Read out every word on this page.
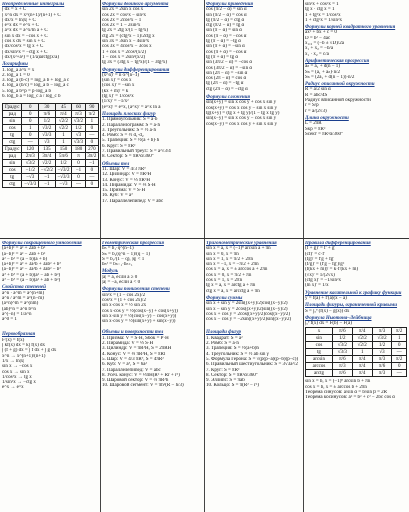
Неопределенные интегралы
∫ dx = x + C
∫ x^n dx = x^(n+1)/(n+1) + C
∫ dx/x = ln|x| + C
∫ e^x dx = e^x + C
∫ a^x dx = a^x/ln a + C
∫ sin x dx = −cos x + C
∫ cos x dx = sin x + C
∫ dx/cos²x = tg x + C
∫ dx/sin²x = −ctg x + C
∫ dx/(x²+a²) = (1/a)arctg(x/a)
Логарифмы
1. log_a a^x = x
2. log_a 1 = 0
3. log_a (b·c) = log_a b + log_a c
4. log_a (b/c) = log_a b − log_a c
5. log_a b^p = p·log_a b
6. log_b a = log_c a / log_c b
Градус	0	30	45	60	90
рад	0	π/6	π/4	π/3	π/2
sin	0	1/2	√2/2	√3/2	1
cos	1	√3/2	√2/2	1/2	0
tg	0	√3/3	1	√3	—
ctg	—	√3	1	√3/3	0
Градус	120	135	150	180	270
рад	2π/3	3π/4	5π/6	π	3π/2
sin	√3/2	√2/2	1/2	0	−1
cos	−1/2	−√2/2	−√3/2	−1	0
tg	−√3	−1	−√3/3	0	—
ctg	−√3/3	−1	−√3	—	0
Формулы двойного аргумента
sin 2x = 2sin x cos x
cos 2x = cos²x − sin²x
cos 2x = 2cos²x − 1
cos 2x = 1 − 2sin²x
tg 2x = 2tg x/(1 − tg²x)
ctg 2x = (ctg²x − 1)/2ctg x
sin 3x = 3sin x − 4sin³x
cos 3x = 4cos³x − 3cos x
1 + cos x = 2cos²(x/2)
1 − cos x = 2sin²(x/2)
tg 3x = (3tg x − tg³x)/(1 − 3tg²x)
Формулы дифференцирования
(x^n)' = n·x^(n−1)
(sin x)' = cos x
(cos x)' = −sin x
(kx + m)' = k
(tg x)' = 1/cos²x
(1/x)' = −1/x²
(e^x)' = e^x, (a^x)' = a^x ln a
Площадь плоских фигур
1. Прямоугольник: S = a·b
2. Параллелограмм: S = a·h
3. Треугольник: S = ½ a·h
4. Ромб: S = ½ d₁·d₂
5. Трапеция: S = ½(a + b)·h
6. Круг: S = πR²
7. Правильный треуг.: S = a²√3/4
8. Сектор: S = πR²α/360°
Объемы тел
11. Шар: V = 4/3 πR³
12. Цилиндр: V = πR²H
13. Конус: V = ⅓ πR²H
14. Пирамида: V = ⅓ S·H
15. Призма: V = S·H
16. Куб: V = a³
17. Параллелепипед: V = abc
Формулы приведения
cos (π/2 − α) = sin α
sin (π/2 − α) = cos α
tg (π/2 − α) = ctg α
ctg (π/2 − α) = tg α
sin (π − α) = sin α
cos (π − α) = −cos α
tg (π − α) = −tg α
sin (π + α) = −sin α
cos (π + α) = −cos α
tg (π + α) = tg α
sin (3π/2 − α) = −cos α
cos (3π/2 − α) = −sin α
sin (2π − α) = −sin α
cos (2π − α) = cos α
tg (2π − α) = −tg α
ctg (2π − α) = −ctg α
Формулы сложения
sin(x+y) = sin x cos y + cos x sin y
cos(x+y) = cos x cos y − sin x sin y
tg(x+y) = (tg x + tg y)/(1 − tg x tg y)
sin(x−y) = sin x cos y − cos x sin y
cos(x−y) = cos x cos y + sin x sin y
sin²x + cos²x = 1
tg x · ctg x = 1
1 + tg²x = 1/cos²x
1 + ctg²x = 1/sin²x
Формулы корней квадратного уравнения
ax² + bx + c = 0
D = b² − 4ac
x₁,₂ = (−b ± √D)/2a
x₁ + x₂ = −b/a
x₁ · x₂ = c/a
Арифметическая прогрессия
aₙ = a₁ + d(n − 1)
Sₙ = (a₁ + aₙ)·n/2
Sₙ = (2a₁ + d(n − 1))·n/2
Радиус описанной окружности
R = a/2 sin α
R = abc/4S
Радиус вписанной окружности
r = S/p
r = a/(2√3)
Длина окружности
L = 2πR
Sкр = πR²
Sсект = πR²α/360°
Формулы сокращенного умножения
(a+b)² = a² + 2ab + b²
(a−b)² = a² − 2ab + b²
a² − b² = (a − b)(a + b)
(a+b)³ = a³ + 3a²b + 3ab² + b³
(a−b)³ = a³ − 3a²b + 3ab² − b³
a³ + b³ = (a + b)(a² − ab + b²)
a³ − b³ = (a − b)(a² + ab + b²)
Свойства степеней
a^n · a^m = a^(n+m)
a^n / a^m = a^(n−m)
(a^n)^m = a^(nm)
(ab)^n = a^n b^n
a^(−n) = 1/a^n
a^0 = 1
Первообразная
F'(x) = f(x)
∫ kf(x) dx = k∫ f(x) dx
∫ (f + g) dx = ∫ f dx + ∫ g dx
x^n → x^(n+1)/(n+1)
1/x → ln|x|
sin x → −cos x
cos x → sin x
1/cos²x → tg x
1/sin²x → −ctg x
e^x → e^x
Геометрическая прогрессия
bₙ = b₁·q^(n−1)
Sₙ = b₁(q^n − 1)/(q − 1)
S = b₁/(1 − q), |q| < 1
bₙ² = bₙ₋₁·bₙ₊₁
Модуль
|a| = a, если a ≥ 0
|a| = −a, если a < 0
Формулы понижения степени
sin²x = (1 − cos 2x)/2
cos²x = (1 + cos 2x)/2
sin x·cos x = ½ sin 2x
cos x·cos y = ½(cos(x−y) + cos(x+y))
sin x·sin y = ½(cos(x−y) − cos(x+y))
sin x·cos y = ½(sin(x+y) + sin(x−y))
Объемы и поверхности тел
1. Призма: V = S·H, Sбок = P·H
2. Пирамида: V = ⅓ S·H
3. Цилиндр: V = πR²H, S = 2πRH
4. Конус: V = ⅓ πR²H, S = πRl
5. Шар: V = 4/3 πR³, S = 4πR²
6. Куб: V = a³, S = 6a²
7. Параллелепипед: V = abc
8. Усеч. конус: V = ⅓πH(R² + Rr + r²)
9. Шаровой сектор: V = ⅔ πR²h
10. Шаровой сегмент: V = πh²(R − h/3)
Тригонометрические уравнения
sin x = a, x = (−1)ⁿ arcsin a + πn
sin x = 0, x = πn
sin x = 1, x = π/2 + 2πn
sin x = −1, x = −π/2 + 2πn
cos x = a, x = ± arccos a + 2πn
cos x = 0, x = π/2 + πn
cos x = 1, x = 2πn
tg x = a, x = arctg a + πn
ctg x = a, x = arcctg a + πn
Формулы суммы
sin x + sin y = 2sin((x+y)/2)cos((x−y)/2)
sin x − sin y = 2cos((x+y)/2)sin((x−y)/2)
cos x + cos y = 2cos((x+y)/2)cos((x−y)/2)
cos x − cos y = −2sin((x+y)/2)sin((x−y)/2)
Площади фигур
1. Квадрат: S = a²
2. Ромб: S = a·h
3. Трапеция: S = ½(a+b)h
4. Треугольник: S = ½ ab sin γ
5. Формула Герона: S = √(p(p−a)(p−b)(p−c))
6. Правильный шестиугольник: S = 3√3a²/2
7. Круг: S = πR²
8. Сектор: S = πR²α/360°
9. Эллипс: S = πab
10. Кольцо: S = π(R² − r²)
Правила дифференцирования
(f + g)' = f' + g'
(cf)' = c·f'
(fg)' = f'g + fg'
(f/g)' = (f'g − fg')/g²
(f(kx + m))' = k·f'(kx + m)
(√x)' = 1/(2√x)
(ctg x)' = −1/sin²x
(ln x)' = 1/x
Уравнение касательной к графику функции
y = f(a) + f'(a)(x − a)
Площадь фигуры, ограниченной кривыми
S = ∫ₐᵇ (f(x) − g(x)) dx
Формула Ньютона–Лейбница
∫ₐᵇ f(x) dx = F(b) − F(a)
x	π/6	π/4	π/3	π/2
sin	1/2	√2/2	√3/2	1
cos	√3/2	√2/2	1/2	0
tg	√3/3	1	√3	—
arcsin	π/6	π/4	π/3	π/2
arccos	π/3	π/4	π/6	0
arctg	π/6	π/4	π/3	—
sin x = b, x = (−1)ⁿ arcsin b + πn
cos x = b, x = ± arccos b + 2πn
Теорема синусов: a/sin α = b/sin β = 2R
Теорема косинусов: a² = b² + c² − 2bc cos α
